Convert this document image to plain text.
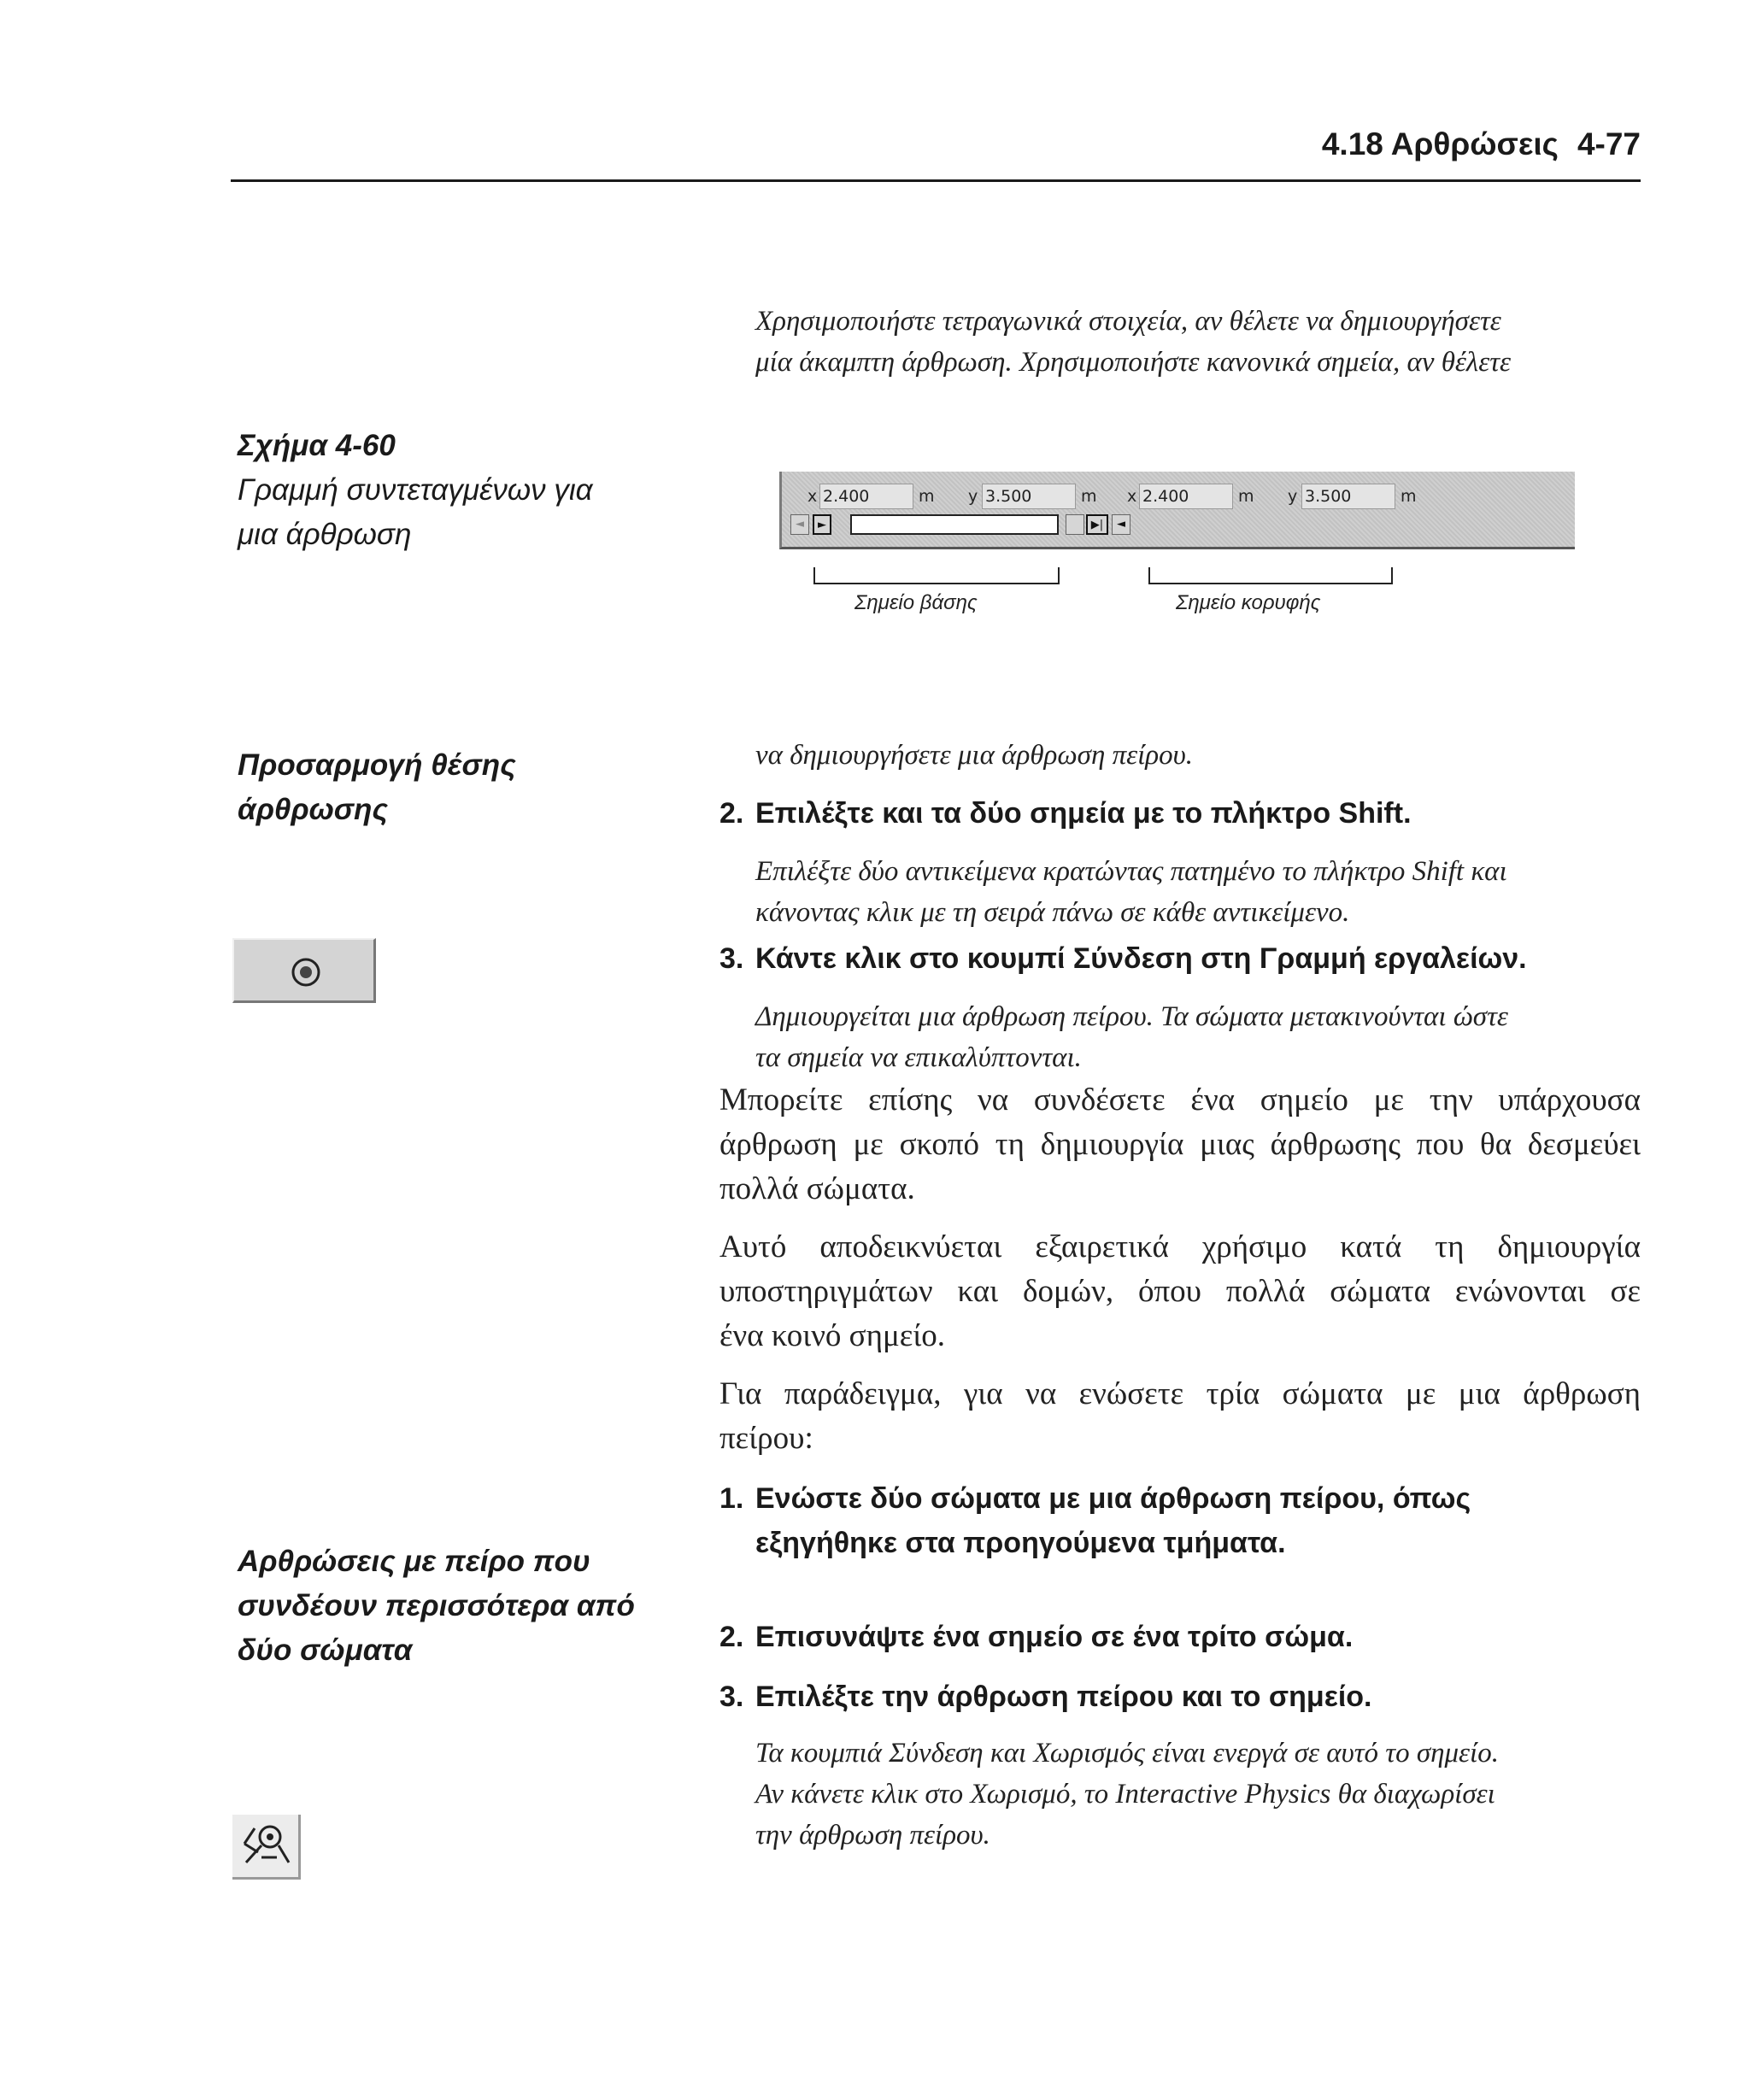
4.18 Αρθρώσεις 4-77
Χρησιμοποιήστε τετραγωνικά στοιχεία, αν θέλετε να δημιουργήσετε
μία άκαμπτη άρθρωση. Χρησιμοποιήστε κανονικά σημεία, αν θέλετε
Σχήμα 4-60
Γραμμή συντεταγμένων για
μια άρθρωση
x 2.400	m y 3.500	m x 2.400	m y 3.500	m
◄	►	▶|	◄
Σημείο βάσης	Σημείο κορυφής
Προσαρμογή θέσης
άρθρωσης
να δημιουργήσετε μια άρθρωση πείρου.
2. Επιλέξτε και τα δύο σημεία με το πλήκτρο Shift.
Επιλέξτε δύο αντικείμενα κρατώντας πατημένο το πλήκτρο Shift και
κάνοντας κλικ με τη σειρά πάνω σε κάθε αντικείμενο.
3. Κάντε κλικ στο κουμπί Σύνδεση στη Γραμμή εργαλείων.
Δημιουργείται μια άρθρωση πείρου. Τα σώματα μετακινούνται ώστε
τα σημεία να επικαλύπτονται.
Μπορείτε επίσης να συνδέσετε ένα σημείο με την υπάρχουσα
άρθρωση με σκοπό τη δημιουργία μιας άρθρωσης που θα δεσμεύει
πολλά σώματα.
Αυτό αποδεικνύεται εξαιρετικά χρήσιμο κατά τη δημιουργία
υποστηριγμάτων και δομών, όπου πολλά σώματα ενώνονται σε
ένα κοινό σημείο.
Για παράδειγμα, για να ενώσετε τρία σώματα με μια άρθρωση
πείρου:
1. Ενώστε δύο σώματα με μια άρθρωση πείρου, όπως
εξηγήθηκε στα προηγούμενα τμήματα.
Αρθρώσεις με πείρο που
συνδέουν περισσότερα από
δύο σώματα	2. Επισυνάψτε ένα σημείο σε ένα τρίτο σώμα.
3. Επιλέξτε την άρθρωση πείρου και το σημείο.
Τα κουμπιά Σύνδεση και Χωρισμός είναι ενεργά σε αυτό το σημείο.
Αν κάνετε κλικ στο Χωρισμό, το Interactive Physics θα διαχωρίσει
την άρθρωση πείρου.
